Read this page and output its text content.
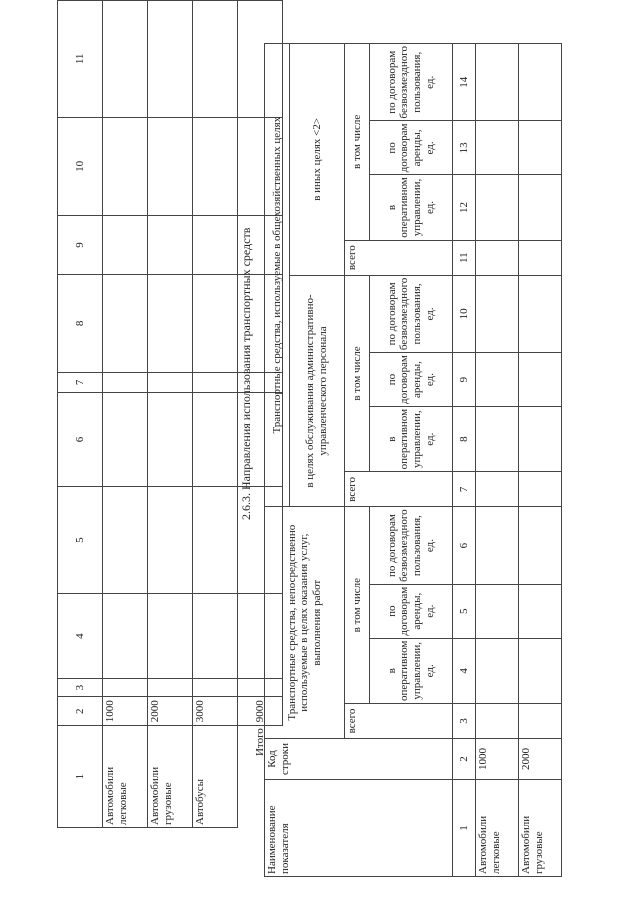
1	2	3	4	5	6	7	8	9	10	11
Автомобили легковые	1000									
Автомобили грузовые	2000									
Автобусы	3000									
Итого	9000									
2.6.3. Направления использования транспортных средств
Наименование показателя	Код строки	Транспортные средства, непосредственно используемые в целях оказания услуг, выполнения работ				Транспортные средства, используемые в общехозяйственных целях							
						в целях обслуживания административно-управленческого персонала				в иных целях <2>			
		всего	в том числе			всего	в том числе			всего	в том числе		
			в оперативном управлении, ед.	по договорам аренды, ед.	по договорам безвозмездного пользования, ед.		в оперативном управлении, ед.	по договорам аренды, ед.	по договорам безвозмездного пользования, ед.		в оперативном управлении, ед.	по договорам аренды, ед.	по договорам безвозмездного пользования, ед.
1	2	3	4	5	6	7	8	9	10	11	12	13	14
Автомобили легковые	1000												
Автомобили грузовые	2000												
